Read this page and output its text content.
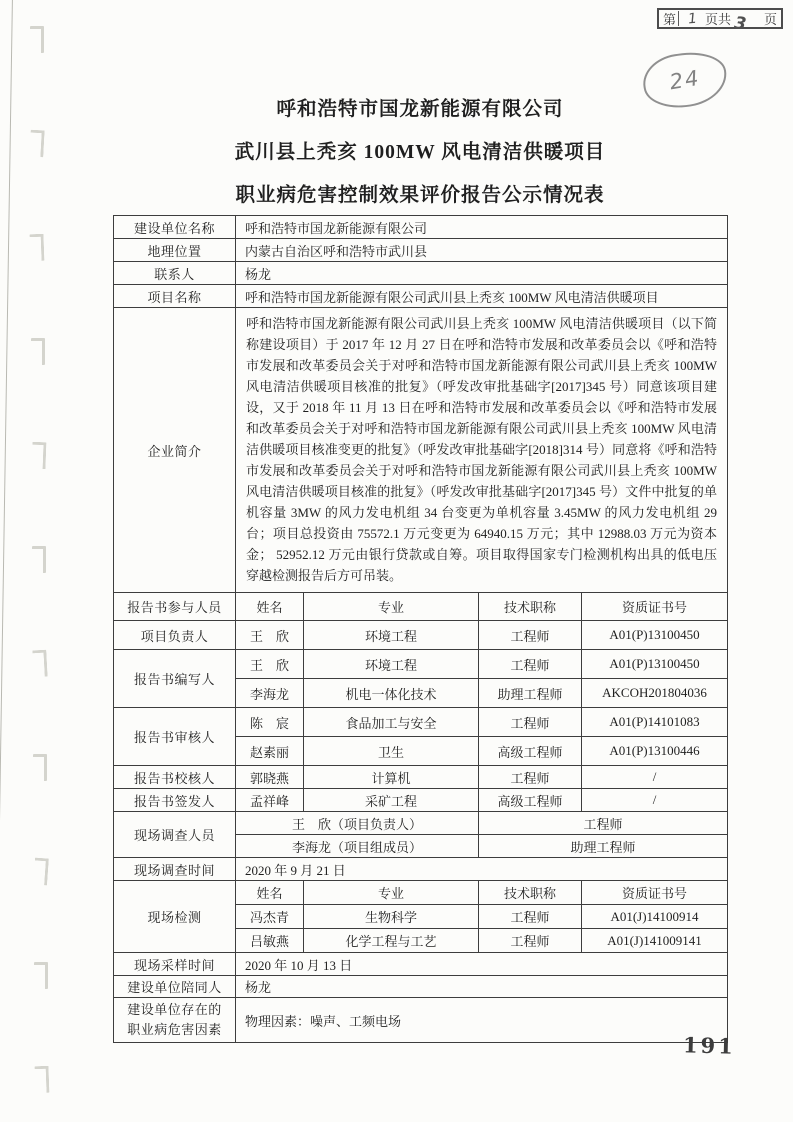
第 1 页共 3 页
24
呼和浩特市国龙新能源有限公司
武川县上秃亥 100MW 风电清洁供暖项目
职业病危害控制效果评价报告公示情况表
建设单位名称	呼和浩特市国龙新能源有限公司			
地理位置	内蒙古自治区呼和浩特市武川县			
联系人	杨龙			
项目名称	呼和浩特市国龙新能源有限公司武川县上秃亥 100MW 风电清洁供暖项目			
企业简介	呼和浩特市国龙新能源有限公司武川县上秃亥 100MW 风电清洁供暖项目（以下简称建设项目）于 2017 年 12 月 27 日在呼和浩特市发展和改革委员会以《呼和浩特市发展和改革委员会关于对呼和浩特市国龙新能源有限公司武川县上秃亥 100MW 风电清洁供暖项目核准的批复》（呼发改审批基础字[2017]345 号）同意该项目建设，又于 2018 年 11 月 13 日在呼和浩特市发展和改革委员会以《呼和浩特市发展和改革委员会关于对呼和浩特市国龙新能源有限公司武川县上秃亥 100MW 风电清洁供暖项目核准变更的批复》（呼发改审批基础字[2018]314 号）同意将《呼和浩特市发展和改革委员会关于对呼和浩特市国龙新能源有限公司武川县上秃亥 100MW 风电清洁供暖项目核准的批复》（呼发改审批基础字[2017]345 号）文件中批复的单机容量 3MW 的风力发电机组 34 台变更为单机容量 3.45MW 的风力发电机组 29 台；项目总投资由 75572.1 万元变更为 64940.15 万元；其中 12988.03 万元为资本金； 52952.12 万元由银行贷款或自筹。项目取得国家专门检测机构出具的低电压穿越检测报告后方可吊装。			
报告书参与人员	姓名	专业	技术职称	资质证书号
项目负责人	王　欣	环境工程	工程师	A01(P)13100450
报告书编写人	王　欣	环境工程	工程师	A01(P)13100450
	李海龙	机电一体化技术	助理工程师	AKCOH201804036
报告书审核人	陈　宸	食品加工与安全	工程师	A01(P)14101083
	赵素丽	卫生	高级工程师	A01(P)13100446
报告书校核人	郭晓燕	计算机	工程师	/
报告书签发人	孟祥峰	采矿工程	高级工程师	/
现场调查人员	王　欣（项目负责人）		工程师	
	李海龙（项目组成员）		助理工程师	
现场调查时间	2020 年 9 月 21 日			
现场检测	姓名	专业	技术职称	资质证书号
	冯杰青	生物科学	工程师	A01(J)14100914
	吕敏燕	化学工程与工艺	工程师	A01(J)141009141
现场采样时间	2020 年 10 月 13 日			
建设单位陪同人	杨龙			

建设单位存在的
职业病危害因素	物理因素：噪声、工频电场			
191
